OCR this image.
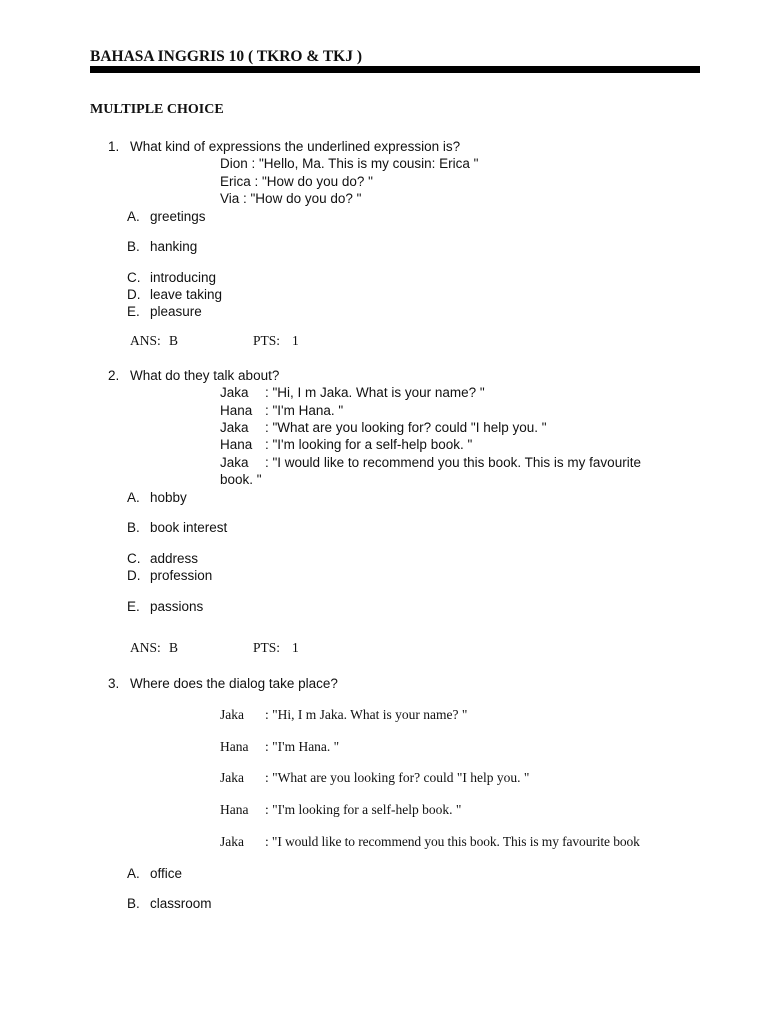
BAHASA INGGRIS 10 ( TKRO & TKJ )
MULTIPLE CHOICE
1. What kind of expressions the underlined expression is?
Dion : "Hello, Ma. This is my cousin: Erica "
Erica : "How do you do? "
Via : "How do you do? "
A. greetings
B. hanking
C. introducing
D. leave taking
E. pleasure
ANS: B	PTS: 1
2. What do they talk about?
Jaka : "Hi, I m Jaka. What is your name? "
Hana : "I'm Hana. "
Jaka : "What are you looking for? could "I help you. "
Hana : "I'm looking for a self-help book. "
Jaka : "I would like to recommend you this book. This is my favourite
book. "
A. hobby
B. book interest
C. address
D. profession
E. passions
ANS: B	PTS: 1
3. Where does the dialog take place?
Jaka : "Hi, I m Jaka. What is your name? "
Hana : "I'm Hana. "
Jaka : "What are you looking for? could "I help you. "
Hana : "I'm looking for a self-help book. "
Jaka : "I would like to recommend you this book. This is my favourite book
A. office
B. classroom
